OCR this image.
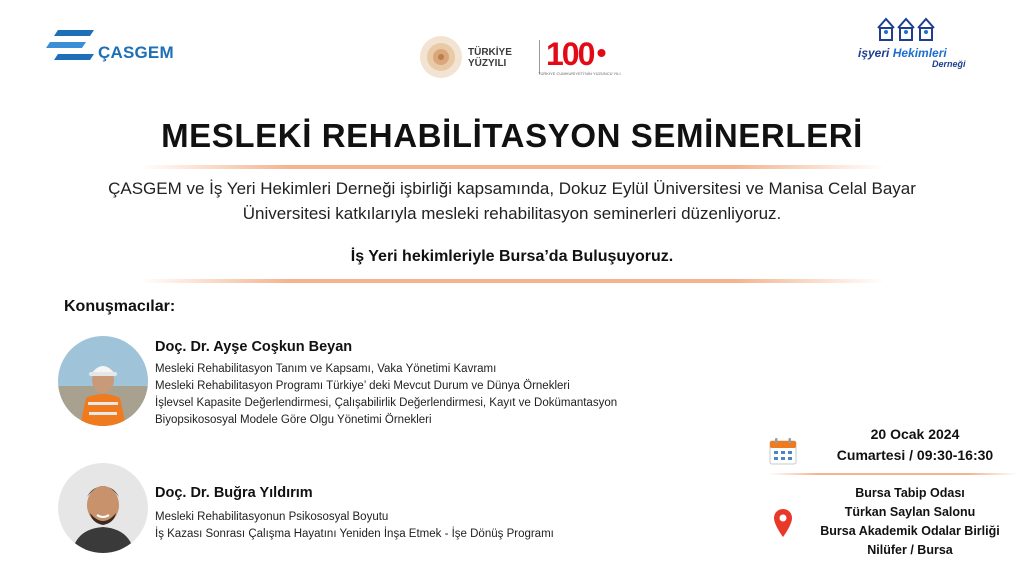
ÇASGEM	TÜRKİYE
YÜZYILI 100
TÜRKİYE CUMHURİYETİ'NİN YÜZÜNCÜ YILI
işyeri Hekimleri
Derneği
MESLEKİ REHABİLİTASYON SEMİNERLERİ

ÇASGEM ve İş Yeri Hekimleri Derneği işbirliği kapsamında, Dokuz Eylül Üniversitesi ve Manisa Celal Bayar
Üniversitesi katkılarıyla mesleki rehabilitasyon seminerleri düzenliyoruz.

İş Yeri hekimleriyle Bursa’da Buluşuyoruz.

Konuşmacılar:
Doç. Dr. Ayşe Coşkun Beyan
Mesleki Rehabilitasyon Tanım ve Kapsamı, Vaka Yönetimi Kavramı
Mesleki Rehabilitasyon Programı Türkiye’ deki Mevcut Durum ve Dünya Örnekleri
İşlevsel Kapasite Değerlendirmesi, Çalışabilirlik Değerlendirmesi, Kayıt ve Dokümantasyon
Biyopsikososyal Modele Göre Olgu Yönetimi Örnekleri
Doç. Dr. Buğra Yıldırım
Mesleki Rehabilitasyonun Psikososyal Boyutu
İş Kazası Sonrası Çalışma Hayatını Yeniden İnşa Etmek - İşe Dönüş Programı
20 Ocak 2024
Cumartesi / 09:30-16:30
Bursa Tabip Odası
Türkan Saylan Salonu
Bursa Akademik Odalar Birliği
Nilüfer / Bursa
